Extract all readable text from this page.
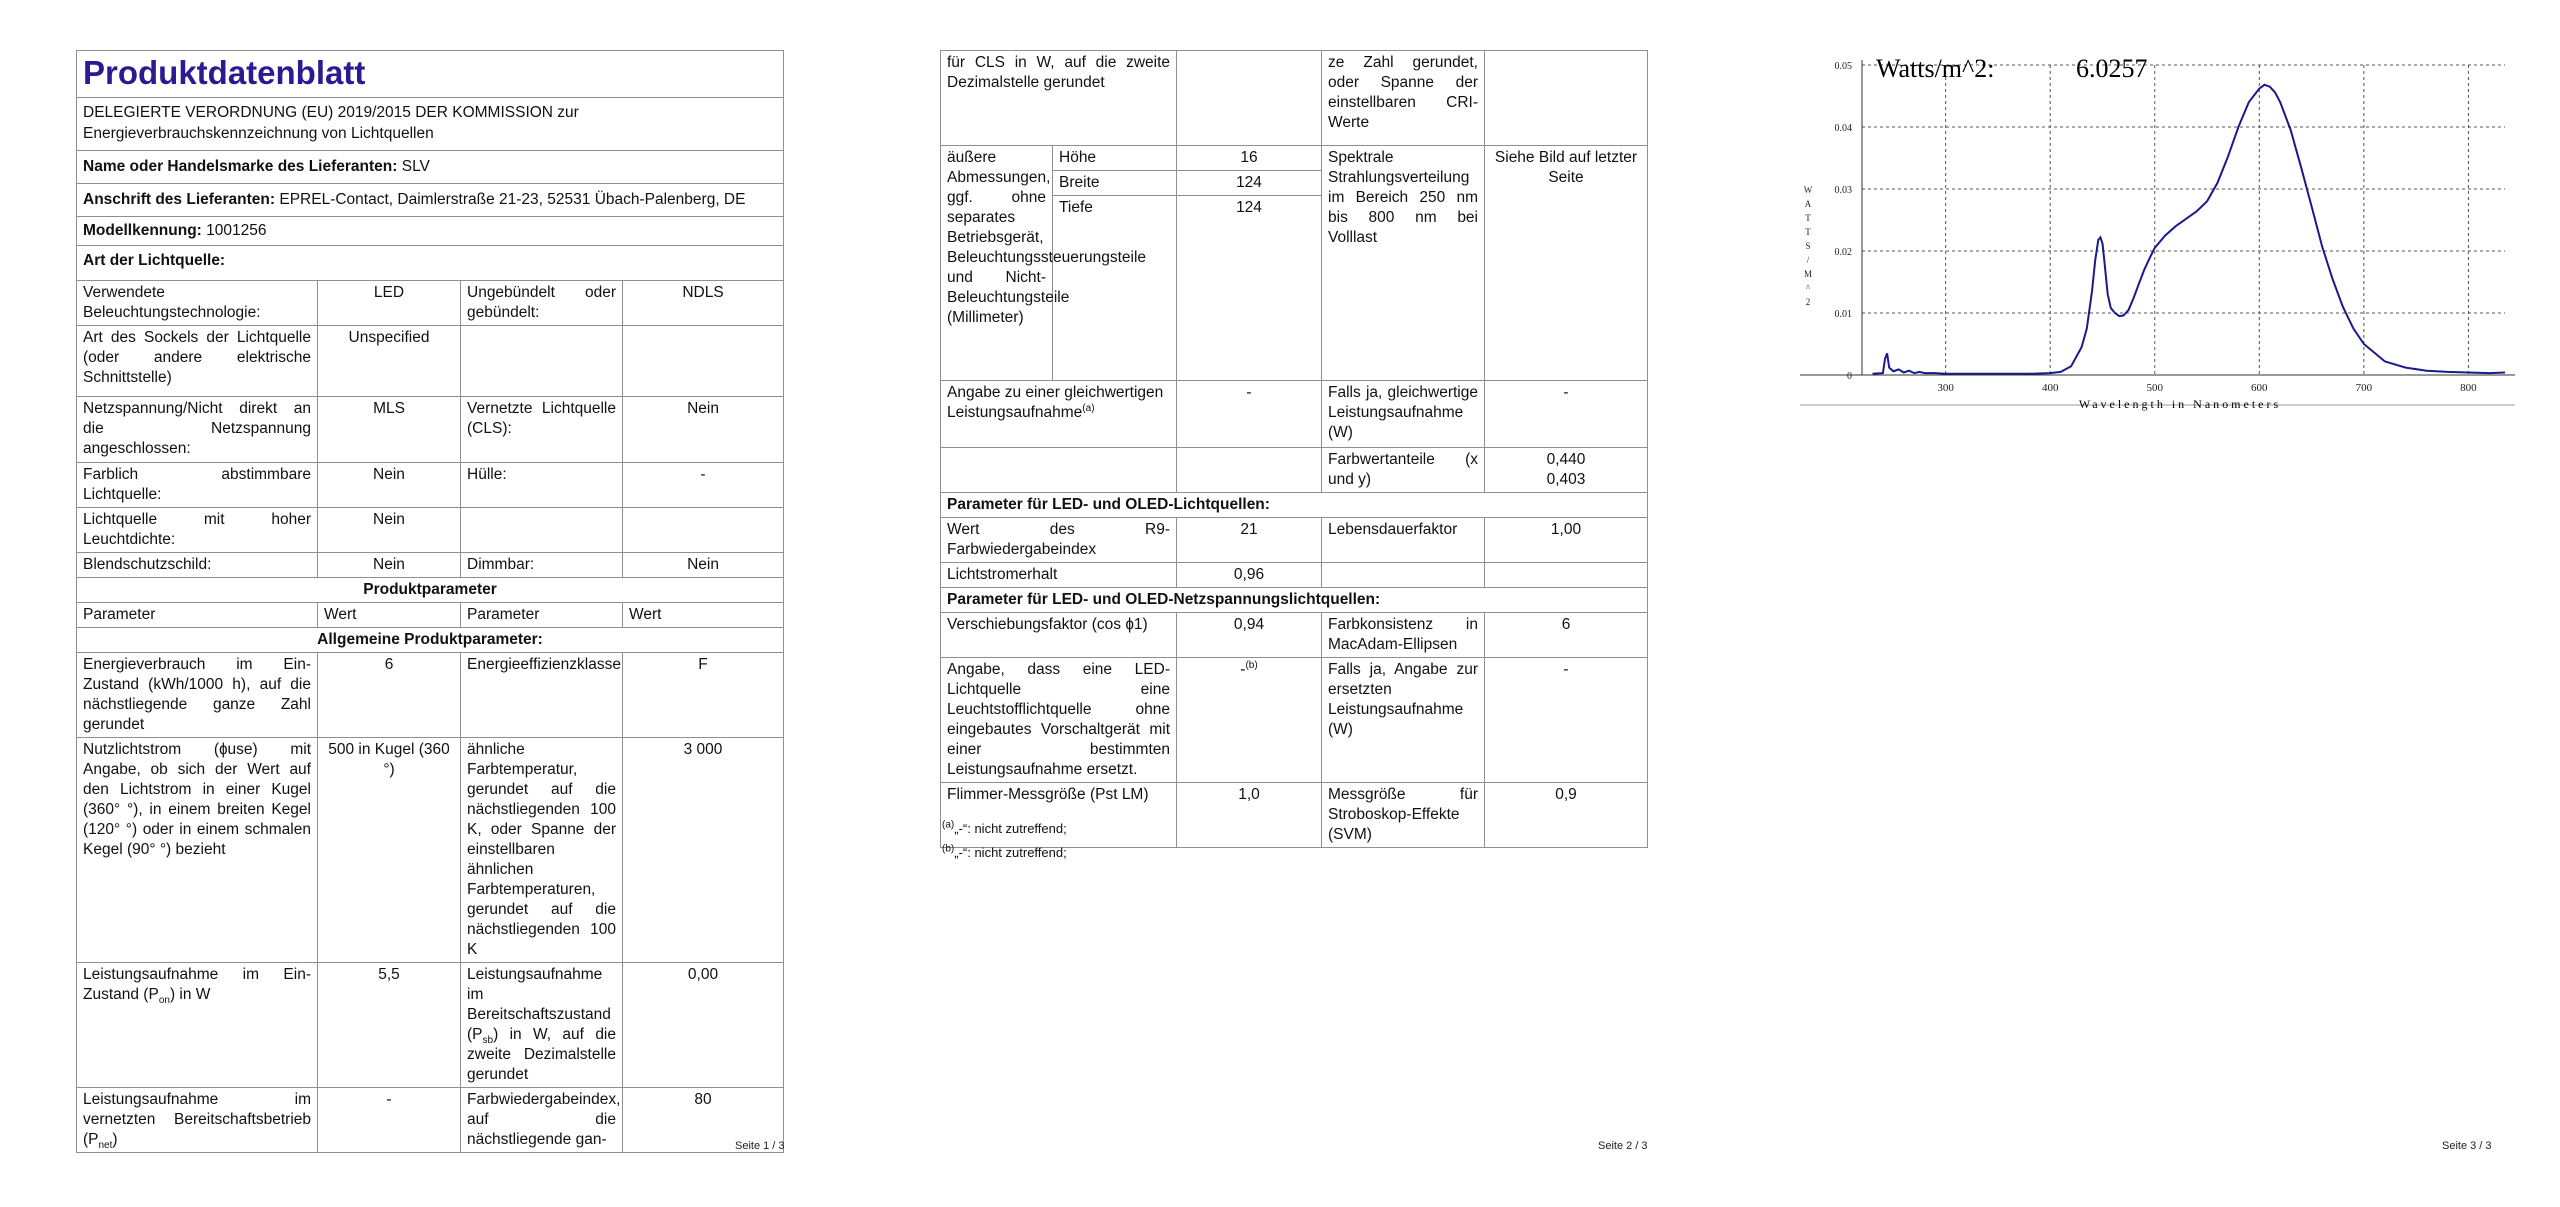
Produktdatenblatt			
DELEGIERTE VERORDNUNG (EU) 2019/2015 DER KOMMISSION zur Energieverbrauchskennzeichnung von Lichtquellen			
Name oder Handelsmarke des Lieferanten: SLV			
Anschrift des Lieferanten: EPREL-Contact, Daimlerstraße 21-23, 52531 Übach-Palenberg, DE			
Modellkennung: 1001256			
Art der Lichtquelle:			
Verwendete Beleuchtungstechnologie:	LED	Ungebündelt oder gebündelt:	NDLS
Art des Sockels der Lichtquelle (oder andere elektrische Schnittstelle)	Unspecified		
Netzspannung/Nicht direkt an die Netzspannung angeschlossen:	MLS	Vernetzte Lichtquelle (CLS):	Nein
Farblich abstimmbare Lichtquelle:	Nein	Hülle:	-
Lichtquelle mit hoher Leuchtdichte:	Nein		
Blendschutzschild:	Nein	Dimmbar:	Nein
Produktparameter			
Parameter	Wert	Parameter	Wert
Allgemeine Produktparameter:			
Energieverbrauch im Ein-Zustand (kWh/1000 h), auf die nächstliegende ganze Zahl gerundet	6	Energieeffizienzklasse	F
Nutzlichtstrom (ɸuse) mit Angabe, ob sich der Wert auf den Lichtstrom in einer Kugel (360° °), in einem breiten Kegel (120° °) oder in einem schmalen Kegel (90° °) bezieht	500 in Kugel (360 °)	ähnliche Farbtemperatur, gerundet auf die nächstliegenden 100 K, oder Spanne der einstellbaren ähnlichen Farbtemperaturen, gerundet auf die nächstliegenden 100 K	3 000
Leistungsaufnahme im Ein-Zustand $(P_{on})$ in W	5,5	Leistungsaufnahme im Bereitschaftszustand $(P_{sb})$ in W, auf die zweite Dezimalstelle gerundet	0,00
Leistungsaufnahme im vernetzten Bereitschaftsbetrieb $(P_{net})$	-	Farbwiedergabeindex, auf die nächstliegende gan-	80
Seite 1 / 3
für CLS in W, auf die zweite Dezimalstelle gerundet			ze Zahl gerundet, oder Spanne der einstellbaren CRI-Werte	
äußere Abmessungen, ggf. ohne separates Betriebsgerät, Beleuchtungssteuerungsteile und Nicht-Beleuchtungsteile (Millimeter)	Höhe	16	Spektrale Strahlungsverteilung im Bereich 250 nm bis 800 nm bei Volllast	Siehe Bild auf letzter Seite
	Breite	124		
	Tiefe	124		
Angabe zu einer gleichwertigen Leistungsaufnahme$^{(a)}$		-	Falls ja, gleichwertige Leistungsaufnahme (W)	-
			Farbwertanteile (x und y)	0,440
0,403

Parameter für LED- und OLED-Lichtquellen:				
Wert des R9-Farbwiedergabeindex		21	Lebensdauerfaktor	1,00
Lichtstromerhalt		0,96		
Parameter für LED- und OLED-Netzspannungslichtquellen:				
Verschiebungsfaktor (cos ɸ1)		0,94	Farbkonsistenz in MacAdam-Ellipsen	6
Angabe, dass eine LED-Lichtquelle eine Leuchtstofflichtquelle ohne eingebautes Vorschaltgerät mit einer bestimmten Leistungsaufnahme ersetzt.		-$^{(b)}$	Falls ja, Angabe zur ersetzten Leistungsaufnahme (W)	-
Flimmer-Messgröße (Pst LM)		1,0	Messgröße für Stroboskop-Effekte (SVM)	0,9
$^{(a)}$„-“: nicht zutreffend;
$^{(b)}$„-“: nicht zutreffend;
Seite 2 / 3
300	400	500	600	700	800
0
0.01
0.02
0.03
0.04
0.05 Watts/m^2:	6.0257
Wavelength in Nanometers
W
A
T
T
S
/
M
^
2
Seite 3 / 3
